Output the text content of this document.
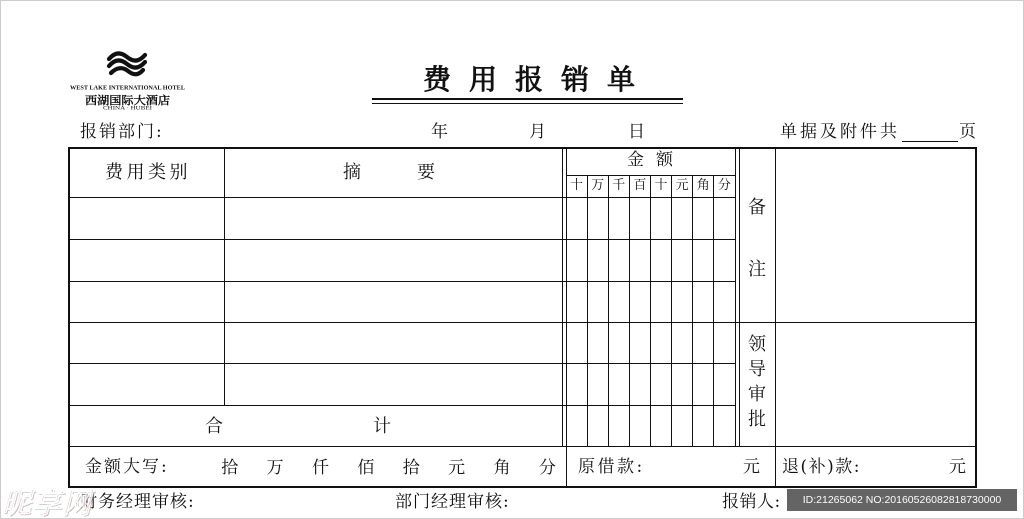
WEST LAKE INTERNATIONAL HOTEL
西湖国际大酒店
CHINA · HUBEI
费用报销单
报销部门:	年	月	日	单据及附件共	页
费用类别	摘要
金额
十 万 千 百 十 元 角 分
备注
领导审批
合计
金额大写:	拾	万	仟	佰	拾	元	角	分	原借款:	元 退(补)款:	元
财务经理审核:	部门经理审核:	报销人:
昵享网	ID:21265062 NO:20160526082818730000
